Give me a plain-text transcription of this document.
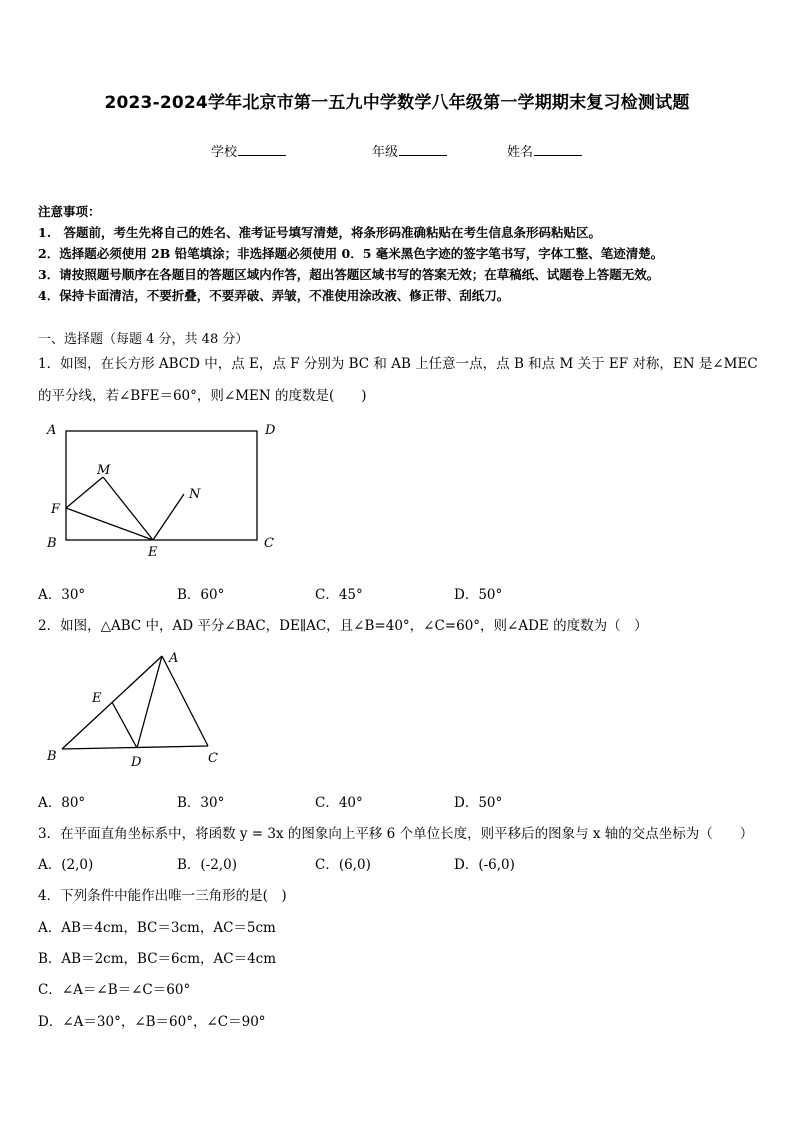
2023-2024学年北京市第一五九中学数学八年级第一学期期末复习检测试题
学校	年级	姓名
注意事项：
1.　答题前，考生先将自己的姓名、准考证号填写清楚，将条形码准确粘贴在考生信息条形码粘贴区。
2．选择题必须使用 2B 铅笔填涂；非选择题必须使用 0．5 毫米黑色字迹的签字笔书写，字体工整、笔迹清楚。
3．请按照题号顺序在各题目的答题区域内作答，超出答题区域书写的答案无效；在草稿纸、试题卷上答题无效。
4．保持卡面清洁，不要折叠，不要弄破、弄皱，不准使用涂改液、修正带、刮纸刀。
一、选择题（每题 4 分，共 48 分）
1．如图，在长方形 ABCD 中，点 E，点 F 分别为 BC 和 AB 上任意一点，点 B 和点 M 关于 EF 对称，EN 是∠MEC
的平分线，若∠BFE＝60°，则∠MEN 的度数是(　　)
A	D
M
N
F
B
E
C
A．30°	B．60°	C．45°	D．50°
2．如图，△ABC 中，AD 平分∠BAC，DE∥AC，且∠B=40°，∠C=60°，则∠ADE 的度数为（　）
A
E
B	D	C
A．80°	B．30°	C．40°	D．50°
3．在平面直角坐标系中，将函数 y = 3x 的图象向上平移 6 个单位长度，则平移后的图象与 x 轴的交点坐标为（　　）
A．(2,0)	B．(-2,0)	C．(6,0)	D．(-6,0)
4．下列条件中能作出唯一三角形的是(　)
A．AB＝4cm，BC＝3cm，AC＝5cm
B．AB＝2cm，BC＝6cm，AC＝4cm
C．∠A＝∠B＝∠C＝60°
D．∠A＝30°，∠B＝60°，∠C＝90°
